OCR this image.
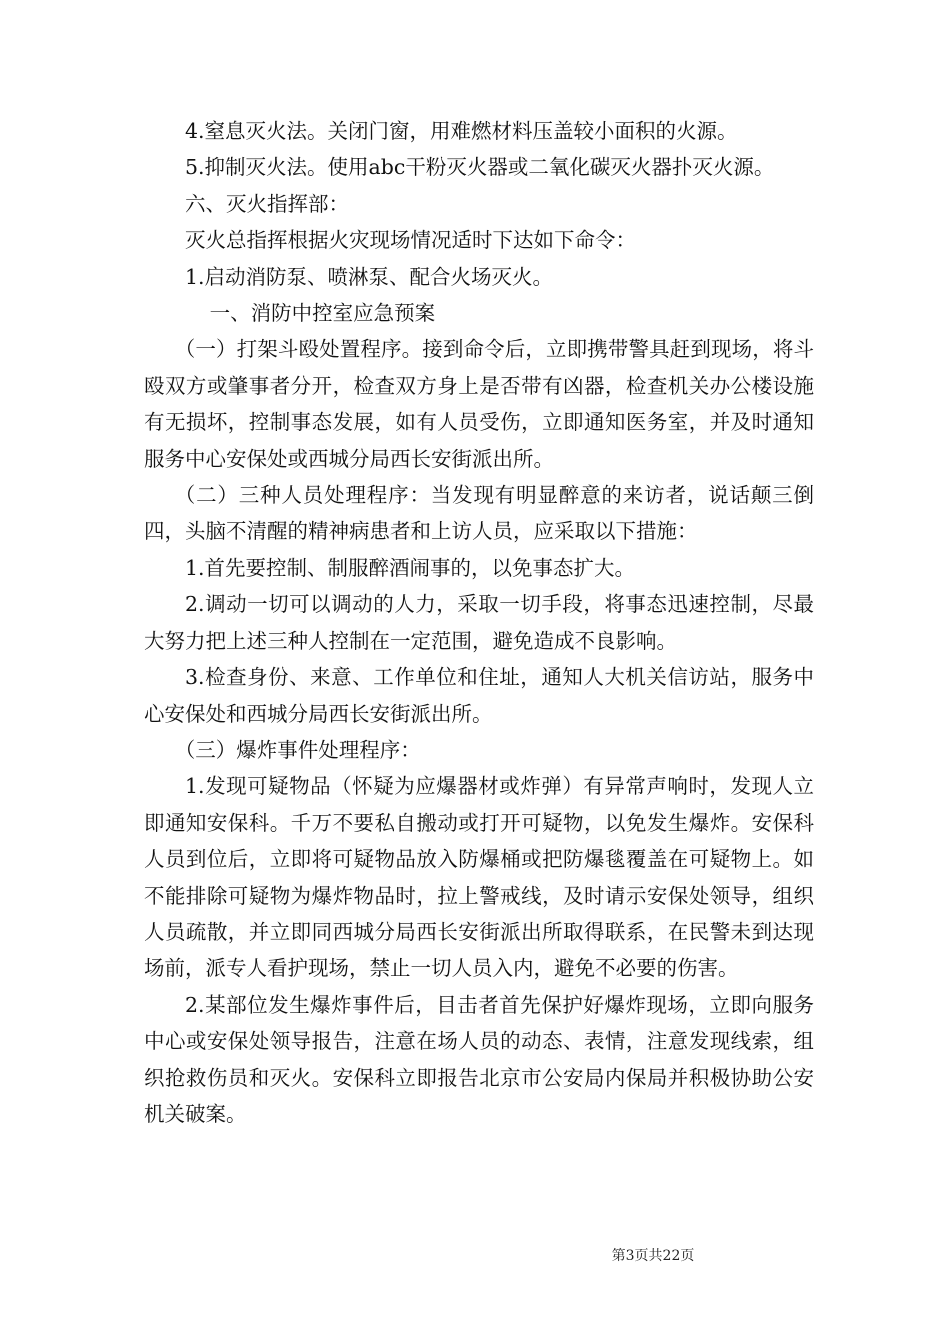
4.窒息灭火法。关闭门窗，用难燃材料压盖较小面积的火源。

5.抑制灭火法。使用abc干粉灭火器或二氧化碳灭火器扑灭火源。

六、灭火指挥部：

灭火总指挥根据火灾现场情况适时下达如下命令：

1.启动消防泵、喷淋泵、配合火场灭火。

一、消防中控室应急预案

（一）打架斗殴处置程序。接到命令后，立即携带警具赶到现场，将斗殴双方或肇事者分开，检查双方身上是否带有凶器，检查机关办公楼设施有无损坏，控制事态发展，如有人员受伤，立即通知医务室，并及时通知服务中心安保处或西城分局西长安街派出所。

（二）三种人员处理程序：当发现有明显醉意的来访者，说话颠三倒四，头脑不清醒的精神病患者和上访人员，应采取以下措施：

1.首先要控制、制服醉酒闹事的，以免事态扩大。

2.调动一切可以调动的人力，采取一切手段，将事态迅速控制，尽最大努力把上述三种人控制在一定范围，避免造成不良影响。

3.检查身份、来意、工作单位和住址，通知人大机关信访站，服务中心安保处和西城分局西长安街派出所。

（三）爆炸事件处理程序：

1.发现可疑物品（怀疑为应爆器材或炸弹）有异常声响时，发现人立即通知安保科。千万不要私自搬动或打开可疑物，以免发生爆炸。安保科人员到位后，立即将可疑物品放入防爆桶或把防爆毯覆盖在可疑物上。如不能排除可疑物为爆炸物品时，拉上警戒线，及时请示安保处领导，组织人员疏散，并立即同西城分局西长安街派出所取得联系，在民警未到达现场前，派专人看护现场，禁止一切人员入内，避免不必要的伤害。

2.某部位发生爆炸事件后，目击者首先保护好爆炸现场，立即向服务中心或安保处领导报告，注意在场人员的动态、表情，注意发现线索，组织抢救伤员和灭火。安保科立即报告北京市公安局内保局并积极协助公安机关破案。

第3页共22页
